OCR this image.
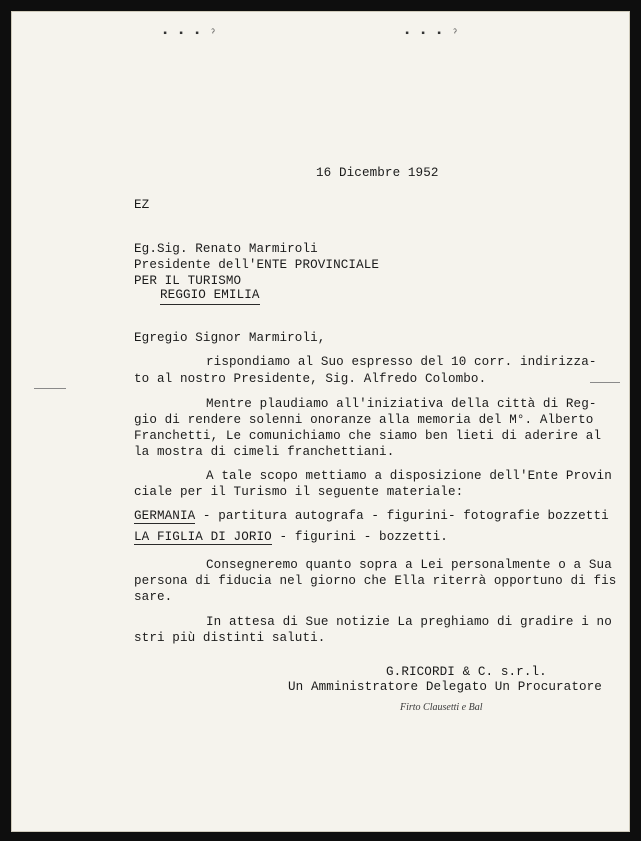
▪ ▪ ▪ ˀ	▪ ▪ ▪ ˀ
16 Dicembre 1952
EZ
Eg.Sig. Renato Marmiroli
Presidente dell'ENTE PROVINCIALE
PER IL TURISMO
REGGIO EMILIA
Egregio Signor Marmiroli,
rispondiamo al Suo espresso del 10 corr. indirizza-
to al nostro Presidente, Sig. Alfredo Colombo.
Mentre plaudiamo all'iniziativa della città di Reg-
gio di rendere solenni onoranze alla memoria del M°. Alberto
Franchetti, Le comunichiamo che siamo ben lieti di aderire al
la mostra di cimeli franchettiani.
A tale scopo mettiamo a disposizione dell'Ente Provin
ciale per il Turismo il seguente materiale:
GERMANIA - partitura autografa - figurini- fotografie bozzetti
LA FIGLIA DI JORIO - figurini - bozzetti.
Consegneremo quanto sopra a Lei personalmente o a Sua
persona di fiducia nel giorno che Ella riterrà opportuno di fis
sare.
In attesa di Sue notizie La preghiamo di gradire i no
stri più distinti saluti.
G.RICORDI & C. s.r.l.
Un Amministratore Delegato Un Procuratore
Firto Clausetti e Bal
